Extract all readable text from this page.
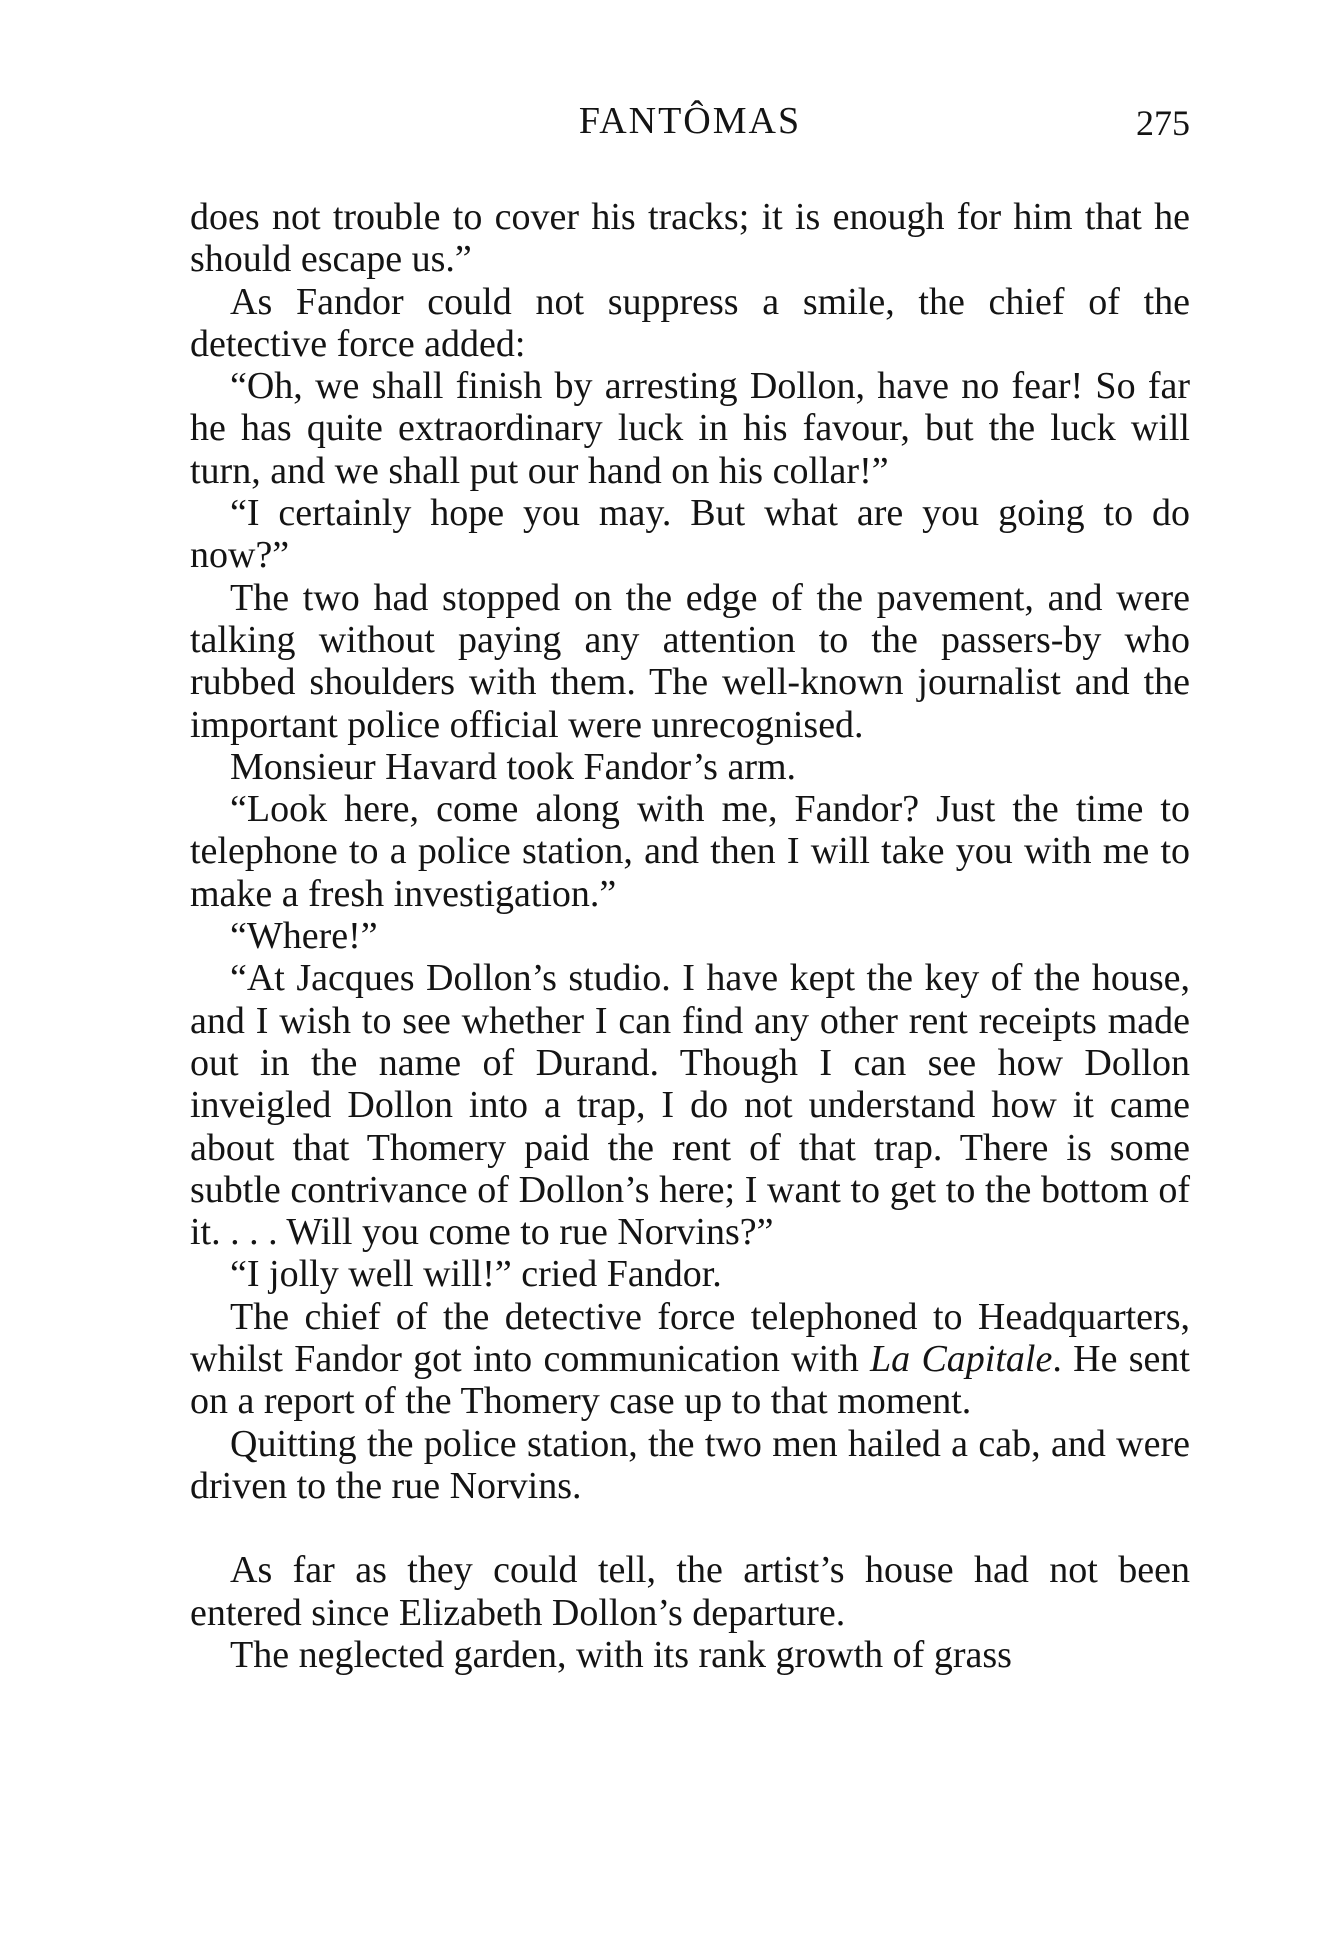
FANTÔMAS	275

does not trouble to cover his tracks; it is enough for him that he should escape us.”

As Fandor could not suppress a smile, the chief of the detective force added:

“Oh, we shall finish by arresting Dollon, have no fear! So far he has quite extraordinary luck in his favour, but the luck will turn, and we shall put our hand on his collar!”

“I certainly hope you may. But what are you going to do now?”

The two had stopped on the edge of the pavement, and were talking without paying any attention to the passers-by who rubbed shoulders with them. The well-known journalist and the important police official were unrecognised.

Monsieur Havard took Fandor’s arm.

“Look here, come along with me, Fandor? Just the time to telephone to a police station, and then I will take you with me to make a fresh investigation.”

“Where!”

“At Jacques Dollon’s studio. I have kept the key of the house, and I wish to see whether I can find any other rent receipts made out in the name of Durand. Though I can see how Dollon inveigled Dollon into a trap, I do not understand how it came about that Thomery paid the rent of that trap. There is some subtle contrivance of Dollon’s here; I want to get to the bottom of it. . . . Will you come to rue Norvins?”

“I jolly well will!” cried Fandor.

The chief of the detective force telephoned to Headquarters, whilst Fandor got into communication with La Capitale. He sent on a report of the Thomery case up to that moment.

Quitting the police station, the two men hailed a cab, and were driven to the rue Norvins.

As far as they could tell, the artist’s house had not been entered since Elizabeth Dollon’s departure.

The neglected garden, with its rank growth of grass
